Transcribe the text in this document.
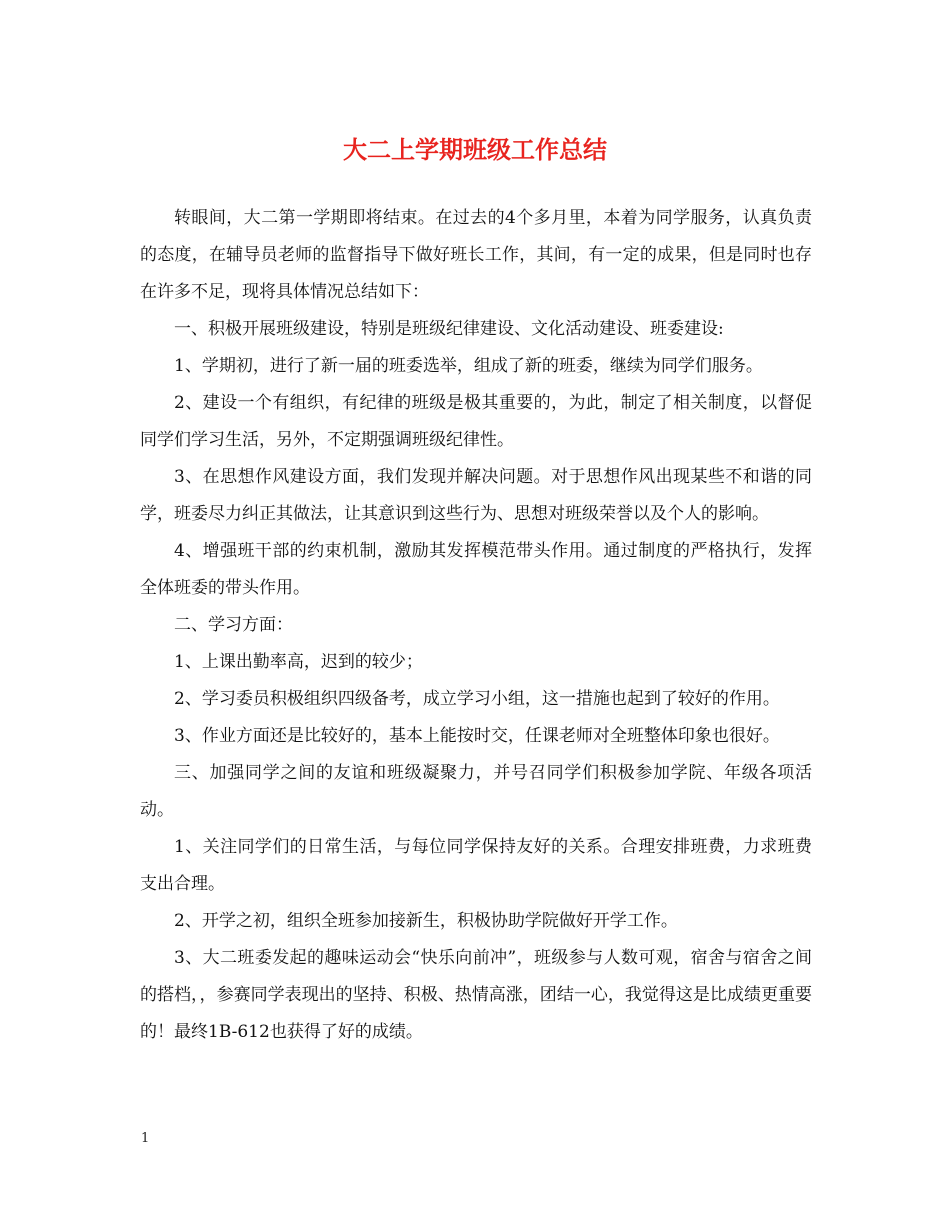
大二上学期班级工作总结

转眼间，大二第一学期即将结束。在过去的4个多月里，本着为同学服务，认真负责的态度，在辅导员老师的监督指导下做好班长工作，其间，有一定的成果，但是同时也存在许多不足，现将具体情况总结如下：

一、积极开展班级建设，特别是班级纪律建设、文化活动建设、班委建设:

1、学期初，进行了新一届的班委选举，组成了新的班委，继续为同学们服务。

2、建设一个有组织，有纪律的班级是极其重要的，为此，制定了相关制度，以督促同学们学习生活，另外，不定期强调班级纪律性。

3、在思想作风建设方面，我们发现并解决问题。对于思想作风出现某些不和谐的同学，班委尽力纠正其做法，让其意识到这些行为、思想对班级荣誉以及个人的影响。

4、增强班干部的约束机制，激励其发挥模范带头作用。通过制度的严格执行，发挥全体班委的带头作用。

二、学习方面：

1、上课出勤率高，迟到的较少；

2、学习委员积极组织四级备考，成立学习小组，这一措施也起到了较好的作用。

3、作业方面还是比较好的，基本上能按时交，任课老师对全班整体印象也很好。

三、加强同学之间的友谊和班级凝聚力，并号召同学们积极参加学院、年级各项活动。

1、关注同学们的日常生活，与每位同学保持友好的关系。合理安排班费，力求班费支出合理。

2、开学之初，组织全班参加接新生，积极协助学院做好开学工作。

3、大二班委发起的趣味运动会“快乐向前冲”，班级参与人数可观，宿舍与宿舍之间的搭档，，参赛同学表现出的坚持、积极、热情高涨，团结一心，我觉得这是比成绩更重要的！最终1B-612也获得了好的成绩。

1
